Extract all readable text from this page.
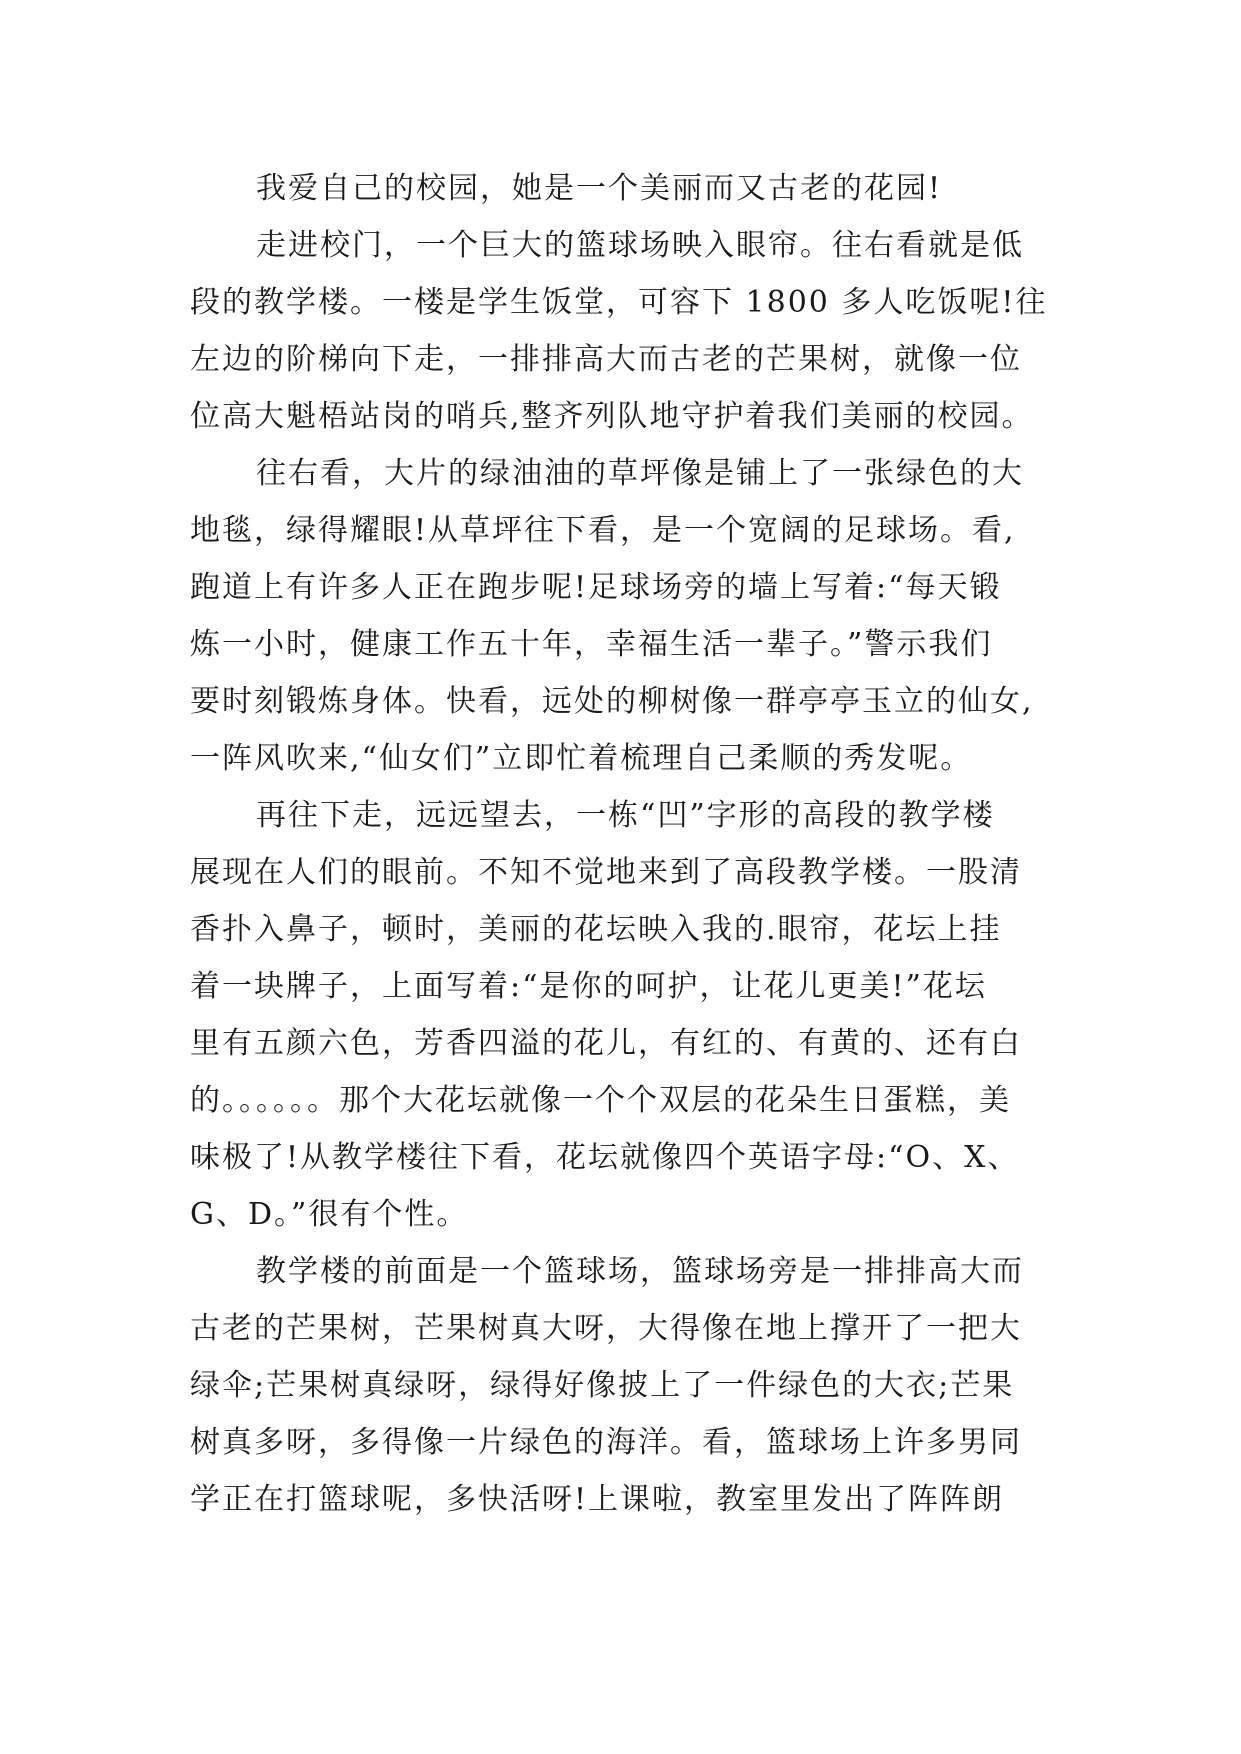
我爱自己的校园，她是一个美丽而又古老的花园!
走进校门，一个巨大的篮球场映入眼帘。往右看就是低
段的教学楼。一楼是学生饭堂，可容下 1800 多人吃饭呢!往
左边的阶梯向下走，一排排高大而古老的芒果树，就像一位
位高大魁梧站岗的哨兵,整齐列队地守护着我们美丽的校园。
往右看，大片的绿油油的草坪像是铺上了一张绿色的大
地毯，绿得耀眼!从草坪往下看，是一个宽阔的足球场。看,
跑道上有许多人正在跑步呢!足球场旁的墙上写着:“每天锻
炼一小时，健康工作五十年，幸福生活一辈子。”警示我们
要时刻锻炼身体。快看，远处的柳树像一群亭亭玉立的仙女,
一阵风吹来,“仙女们”立即忙着梳理自己柔顺的秀发呢。
再往下走，远远望去，一栋“凹”字形的高段的教学楼
展现在人们的眼前。不知不觉地来到了高段教学楼。一股清
香扑入鼻子，顿时，美丽的花坛映入我的.眼帘，花坛上挂
着一块牌子，上面写着:“是你的呵护，让花儿更美!”花坛
里有五颜六色，芳香四溢的花儿，有红的、有黄的、还有白
的。。。。。。那个大花坛就像一个个双层的花朵生日蛋糕，美
味极了!从教学楼往下看，花坛就像四个英语字母:“O、X、
G、D。”很有个性。
教学楼的前面是一个篮球场，篮球场旁是一排排高大而
古老的芒果树，芒果树真大呀，大得像在地上撑开了一把大
绿伞;芒果树真绿呀，绿得好像披上了一件绿色的大衣;芒果
树真多呀，多得像一片绿色的海洋。看，篮球场上许多男同
学正在打篮球呢，多快活呀!上课啦，教室里发出了阵阵朗
